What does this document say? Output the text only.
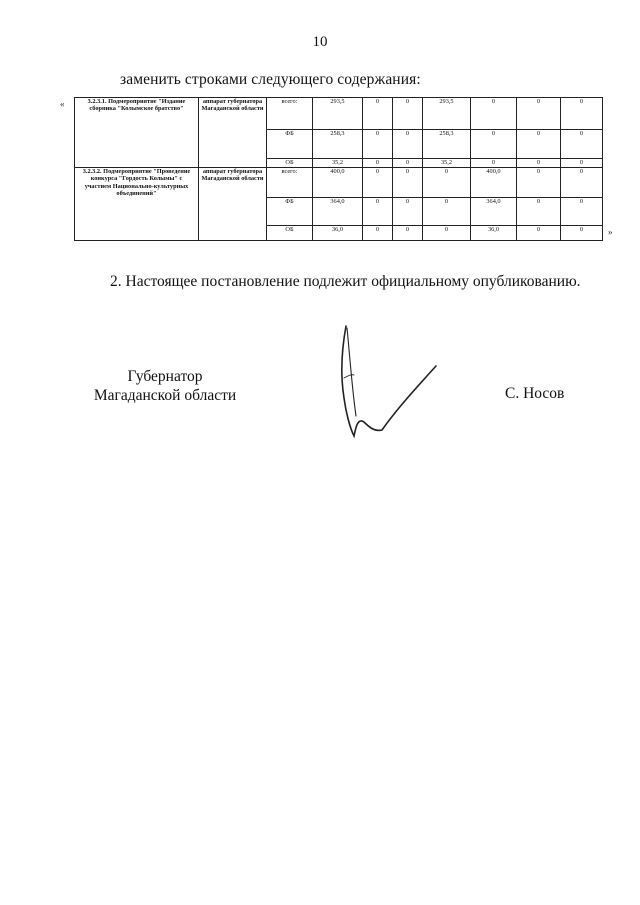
10
заменить строками следующего содержания:
«
»
3.2.3.1. Подмероприятие "Издание сборника "Колымское братство"	аппарат губернатора Магаданской области	всего:	293,5	0	0	293,5	0	0	0
		ФБ	258,3	0	0	258,3	0	0	0
		ОБ	35,2	0	0	35,2	0	0	0
3.2.3.2. Подмероприятие "Проведение конкурса "Гордость Колымы" с участием Национально-культурных объединений"	аппарат губернатора Магаданской области	всего:	400,0	0	0	0	400,0	0	0
		ФБ	364,0	0	0	0	364,0	0	0
		ОБ	36,0	0	0	0	36,0	0	0
2. Настоящее постановление подлежит официальному опубликованию.
Губернатор
Магаданской области	С. Носов
